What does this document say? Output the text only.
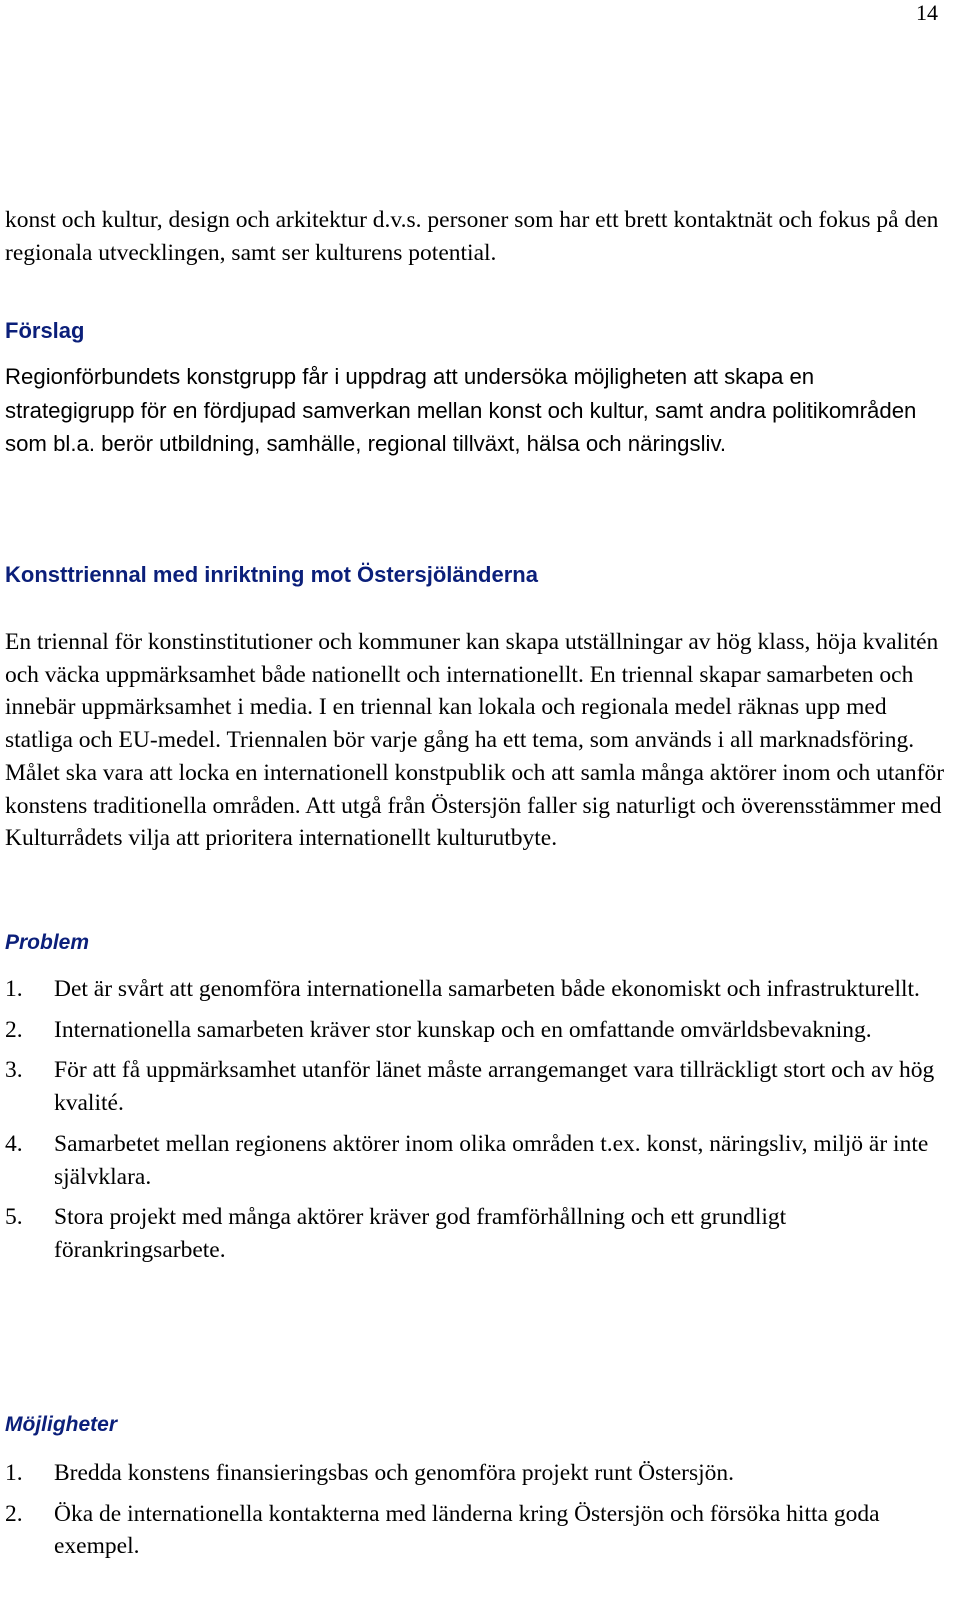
14

konst och kultur, design och arkitektur d.v.s. personer som har ett brett kontaktnät och fokus på den regionala utvecklingen, samt ser kulturens potential.

Förslag

Regionförbundets konstgrupp får i uppdrag att undersöka möjligheten att skapa en strategigrupp för en fördjupad samverkan mellan konst och kultur, samt andra politikområden som bl.a. berör utbildning, samhälle, regional tillväxt, hälsa och näringsliv.

Konsttriennal med inriktning mot Östersjöländerna

En triennal för konstinstitutioner och kommuner kan skapa utställningar av hög klass, höja kvalitén och väcka uppmärksamhet både nationellt och internationellt. En triennal skapar samarbeten och innebär uppmärksamhet i media. I en triennal kan lokala och regionala medel räknas upp med statliga och EU-medel. Triennalen bör varje gång ha ett tema, som används i all marknadsföring. Målet ska vara att locka en internationell konstpublik och att samla många aktörer inom och utanför konstens traditionella områden. Att utgå från Östersjön faller sig naturligt och överensstämmer med Kulturrådets vilja att prioritera internationellt kulturutbyte.

Problem
1.	Det är svårt att genomföra internationella samarbeten både ekonomiskt och infrastrukturellt.
2.	Internationella samarbeten kräver stor kunskap och en omfattande omvärldsbevakning.
3.	För att få uppmärksamhet utanför länet måste arrangemanget vara tillräckligt stort och av hög kvalité.
4.	Samarbetet mellan regionens aktörer inom olika områden t.ex. konst, näringsliv, miljö är inte självklara.
5.	Stora projekt med många aktörer kräver god framförhållning och ett grundligt förankringsarbete.
Möjligheter
1.	Bredda konstens finansieringsbas och genomföra projekt runt Östersjön.
2.	Öka de internationella kontakterna med länderna kring Östersjön och försöka hitta goda exempel.
